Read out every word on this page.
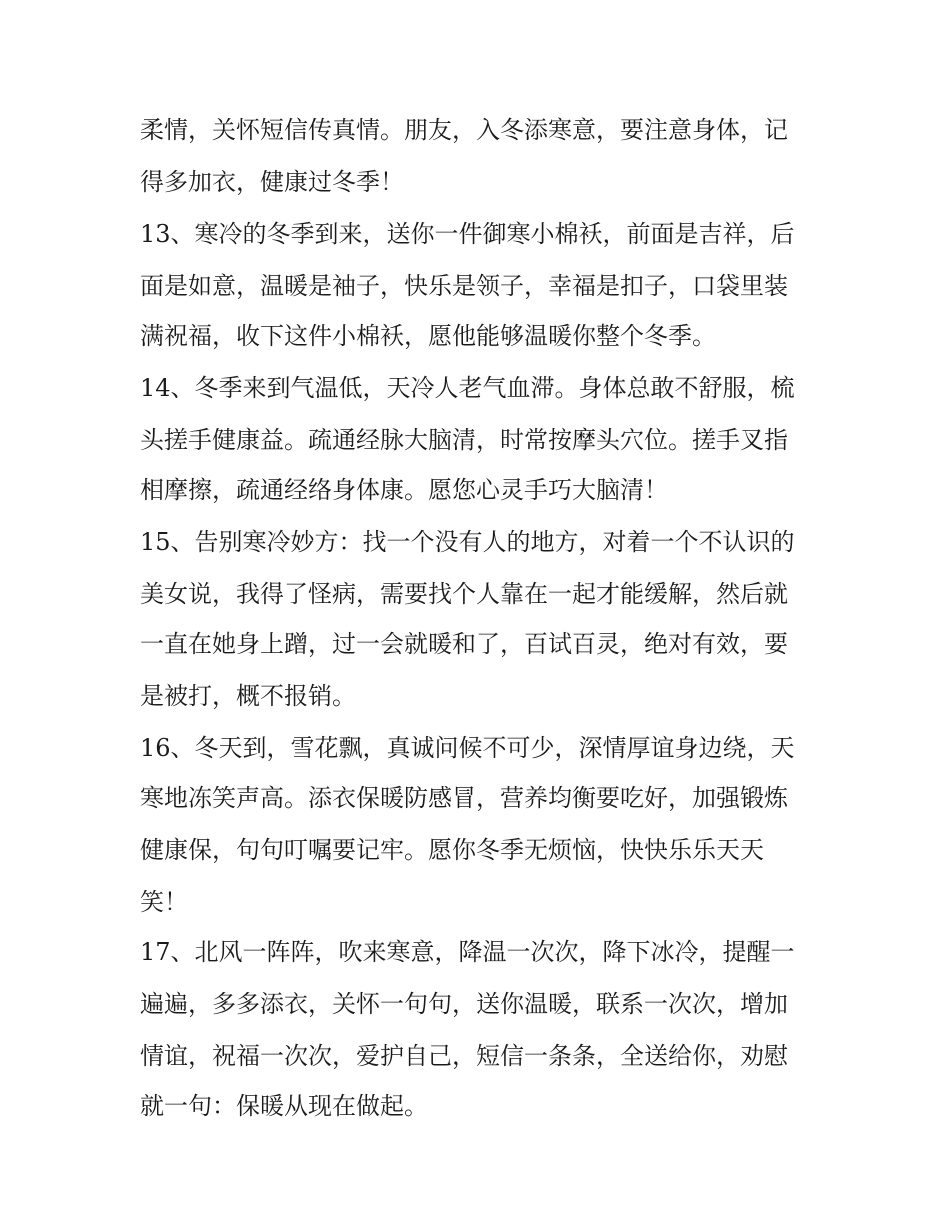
柔情，关怀短信传真情。朋友，入冬添寒意，要注意身体，记

得多加衣，健康过冬季！

13、寒冷的冬季到来，送你一件御寒小棉袄，前面是吉祥，后

面是如意，温暖是袖子，快乐是领子，幸福是扣子，口袋里装

满祝福，收下这件小棉袄，愿他能够温暖你整个冬季。

14、冬季来到气温低，天冷人老气血滞。身体总敢不舒服，梳

头搓手健康益。疏通经脉大脑清，时常按摩头穴位。搓手叉指

相摩擦，疏通经络身体康。愿您心灵手巧大脑清！

15、告别寒冷妙方：找一个没有人的地方，对着一个不认识的

美女说，我得了怪病，需要找个人靠在一起才能缓解，然后就

一直在她身上蹭，过一会就暖和了，百试百灵，绝对有效，要

是被打，概不报销。

16、冬天到，雪花飘，真诚问候不可少，深情厚谊身边绕，天

寒地冻笑声高。添衣保暖防感冒，营养均衡要吃好，加强锻炼

健康保，句句叮嘱要记牢。愿你冬季无烦恼，快快乐乐天天

笑！

17、北风一阵阵，吹来寒意，降温一次次，降下冰冷，提醒一

遍遍，多多添衣，关怀一句句，送你温暖，联系一次次，增加

情谊，祝福一次次，爱护自己，短信一条条，全送给你，劝慰

就一句：保暖从现在做起。
